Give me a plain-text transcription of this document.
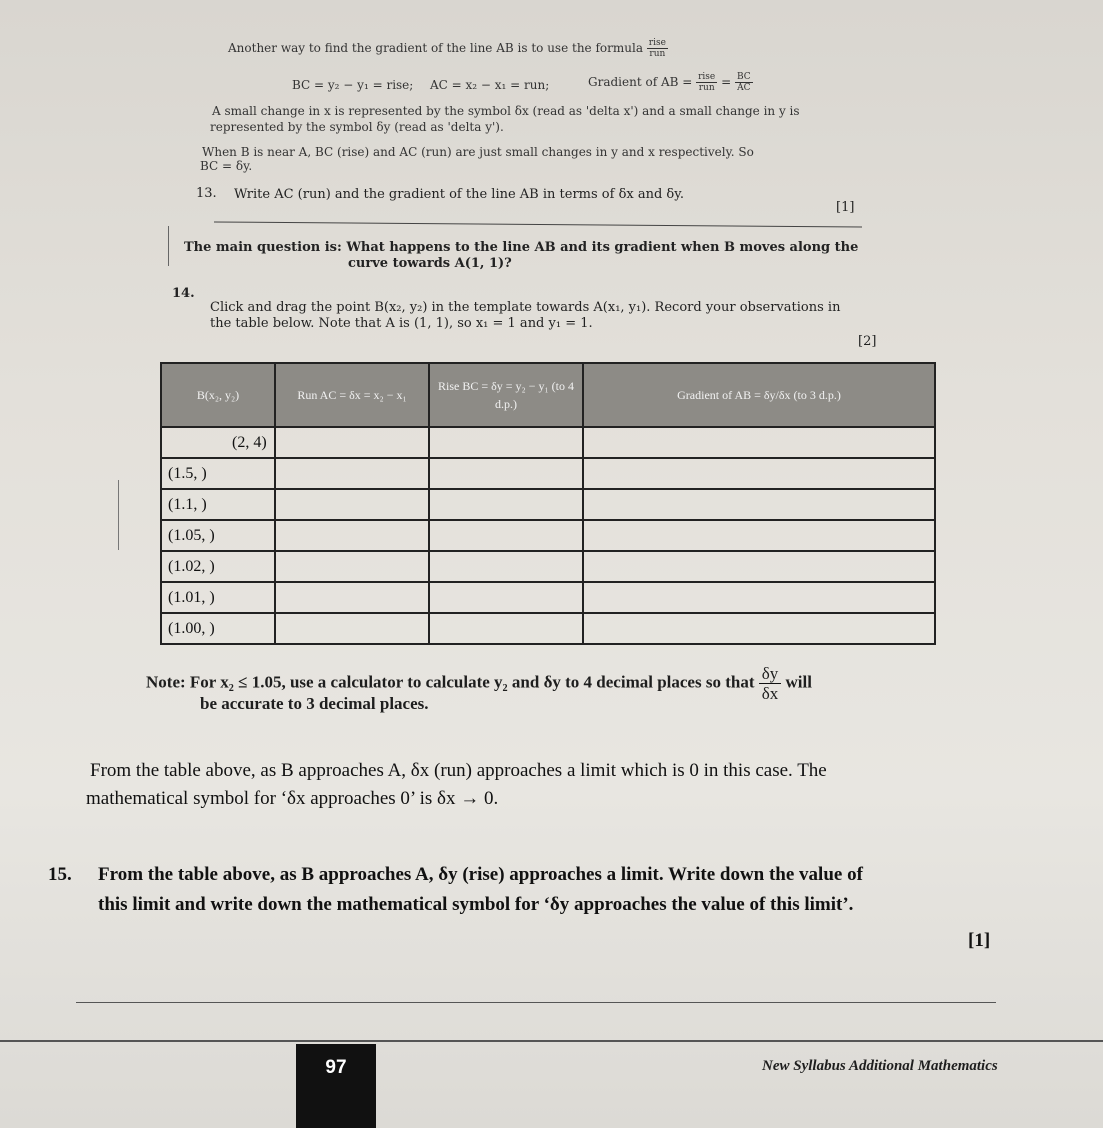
Another way to find the gradient of the line AB is to use the formula $\frac{\text{rise}}{\text{run}}$
BC = y₂ − y₁ = rise; AC = x₂ − x₁ = run;	Gradient of AB = $\frac{\text{rise}}{\text{run}} = \frac{BC}{AC}$
A small change in x is represented by the symbol δx (read as 'delta x') and a small change in y is
represented by the symbol δy (read as 'delta y').
When B is near A, BC (rise) and AC (run) are just small changes in y and x respectively. So
BC = δy.
13. Write AC (run) and the gradient of the line AB in terms of δx and δy.
[1]
The main question is: What happens to the line AB and its gradient when B moves along the
curve towards A(1, 1)?
14.
Click and drag the point B(x₂, y₂) in the template towards A(x₁, y₁). Record your observations in
the table below. Note that A is (1, 1), so x₁ = 1 and y₁ = 1.
[2]
B(x₂, y₂)	Run AC = δx = x₂ − x₁	Rise BC = δy = y₂ − y₁ (to 4 d.p.)	Gradient of AB = δy/δx (to 3 d.p.)
(2, 4)			
(1.5, )			
(1.1, )			
(1.05, )			
(1.02, )			
(1.01, )			
(1.00, )			
Note: For x₂ ≤ 1.05, use a calculator to calculate y₂ and δy to 4 decimal places so that $\frac{\delta y}{\delta x}$ will
be accurate to 3 decimal places.
From the table above, as B approaches A, δx (run) approaches a limit which is 0 in this case. The
mathematical symbol for ‘δx approaches 0’ is δx → 0.
15. From the table above, as B approaches A, δy (rise) approaches a limit. Write down the value of
this limit and write down the mathematical symbol for ‘δy approaches the value of this limit’.
[1]
97	New Syllabus Additional Mathematics
